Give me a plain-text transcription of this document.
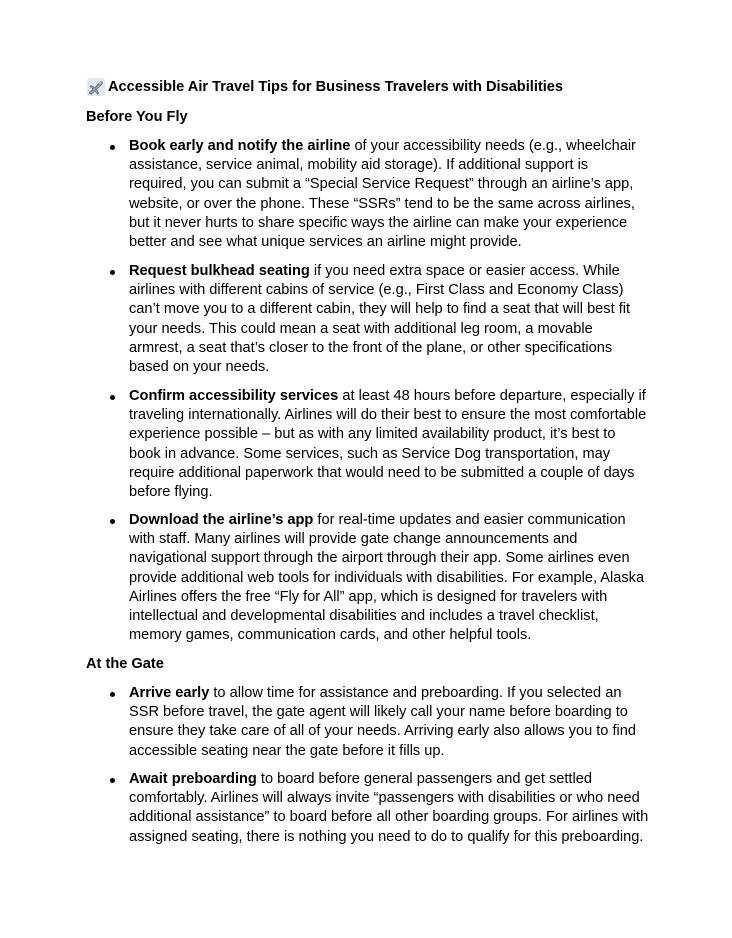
Accessible Air Travel Tips for Business Travelers with Disabilities
Before You Fly
Book early and notify the airline of your accessibility needs (e.g., wheelchair assistance, service animal, mobility aid storage). If additional support is required, you can submit a “Special Service Request” through an airline’s app, website, or over the phone. These “SSRs” tend to be the same across airlines, but it never hurts to share specific ways the airline can make your experience better and see what unique services an airline might provide.
Request bulkhead seating if you need extra space or easier access. While airlines with different cabins of service (e.g., First Class and Economy Class) can’t move you to a different cabin, they will help to find a seat that will best fit your needs. This could mean a seat with additional leg room, a movable armrest, a seat that’s closer to the front of the plane, or other specifications based on your needs.
Confirm accessibility services at least 48 hours before departure, especially if traveling internationally. Airlines will do their best to ensure the most comfortable experience possible – but as with any limited availability product, it’s best to book in advance. Some services, such as Service Dog transportation, may require additional paperwork that would need to be submitted a couple of days before flying.
Download the airline’s app for real-time updates and easier communication with staff. Many airlines will provide gate change announcements and navigational support through the airport through their app. Some airlines even provide additional web tools for individuals with disabilities. For example, Alaska Airlines offers the free “Fly for All” app, which is designed for travelers with intellectual and developmental disabilities and includes a travel checklist, memory games, communication cards, and other helpful tools.
At the Gate
Arrive early to allow time for assistance and preboarding. If you selected an SSR before travel, the gate agent will likely call your name before boarding to ensure they take care of all of your needs. Arriving early also allows you to find accessible seating near the gate before it fills up.
Await preboarding to board before general passengers and get settled comfortably. Airlines will always invite “passengers with disabilities or who need additional assistance” to board before all other boarding groups. For airlines with assigned seating, there is nothing you need to do to qualify for this preboarding.
